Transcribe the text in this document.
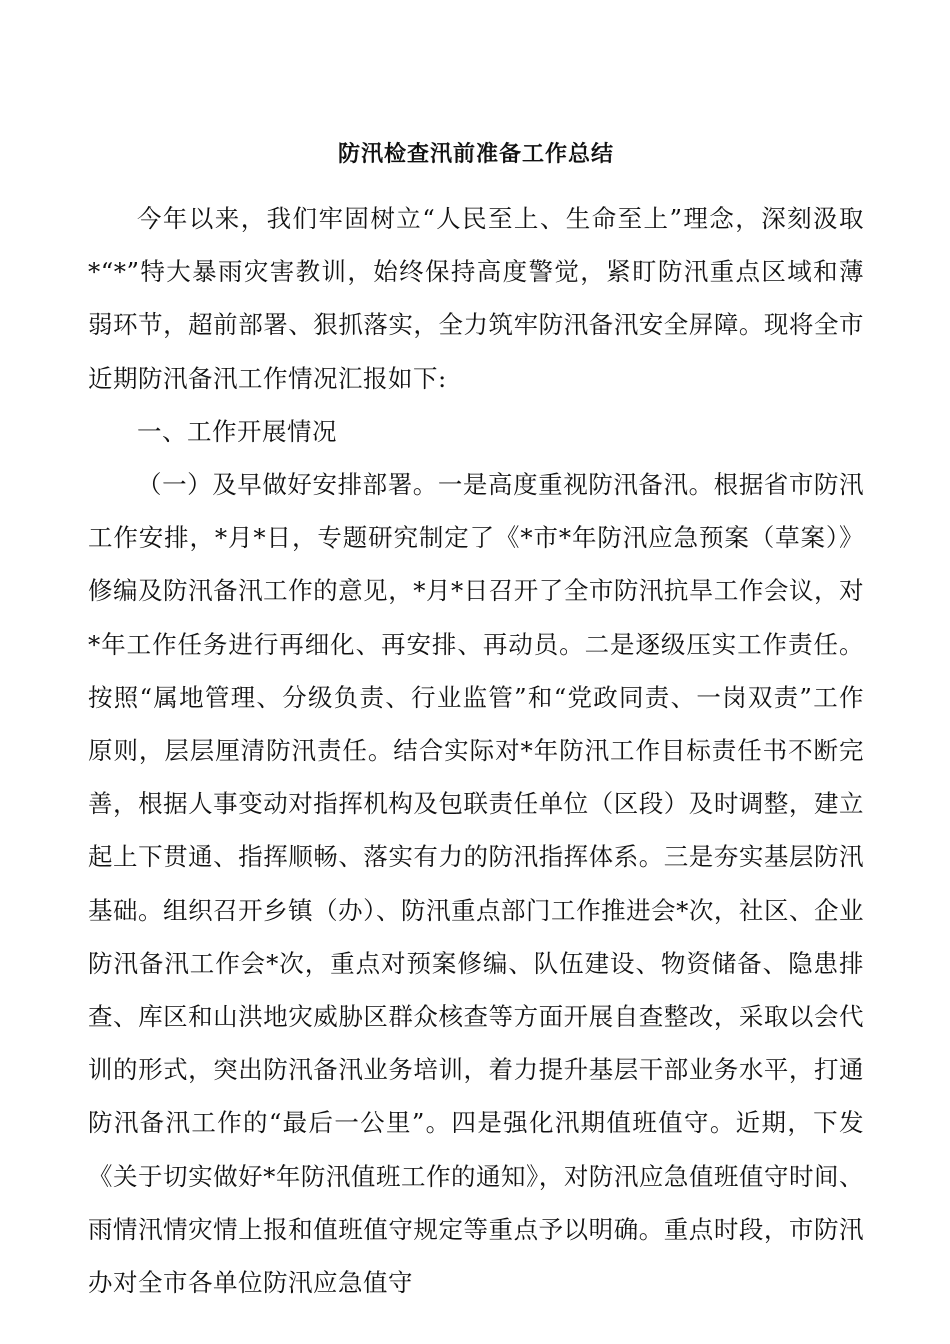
防汛检查汛前准备工作总结

今年以来，我们牢固树立“人民至上、生命至上”理念，深刻汲取*“*”特大暴雨灾害教训，始终保持高度警觉，紧盯防汛重点区域和薄弱环节，超前部署、狠抓落实，全力筑牢防汛备汛安全屏障。现将全市近期防汛备汛工作情况汇报如下:

一、工作开展情况

（一）及早做好安排部署。一是高度重视防汛备汛。根据省市防汛工作安排，*月*日，专题研究制定了《*市*年防汛应急预案（草案）》修编及防汛备汛工作的意见，*月*日召开了全市防汛抗旱工作会议，对*年工作任务进行再细化、再安排、再动员。二是逐级压实工作责任。按照“属地管理、分级负责、行业监管”和“党政同责、一岗双责”工作原则，层层厘清防汛责任。结合实际对*年防汛工作目标责任书不断完善，根据人事变动对指挥机构及包联责任单位（区段）及时调整，建立起上下贯通、指挥顺畅、落实有力的防汛指挥体系。三是夯实基层防汛基础。组织召开乡镇（办）、防汛重点部门工作推进会*次，社区、企业防汛备汛工作会*次，重点对预案修编、队伍建设、物资储备、隐患排查、库区和山洪地灾威胁区群众核查等方面开展自查整改，采取以会代训的形式，突出防汛备汛业务培训，着力提升基层干部业务水平，打通防汛备汛工作的“最后一公里”。四是强化汛期值班值守。近期，下发《关于切实做好*年防汛值班工作的通知》，对防汛应急值班值守时间、雨情汛情灾情上报和值班值守规定等重点予以明确。重点时段，市防汛办对全市各单位防汛应急值守
